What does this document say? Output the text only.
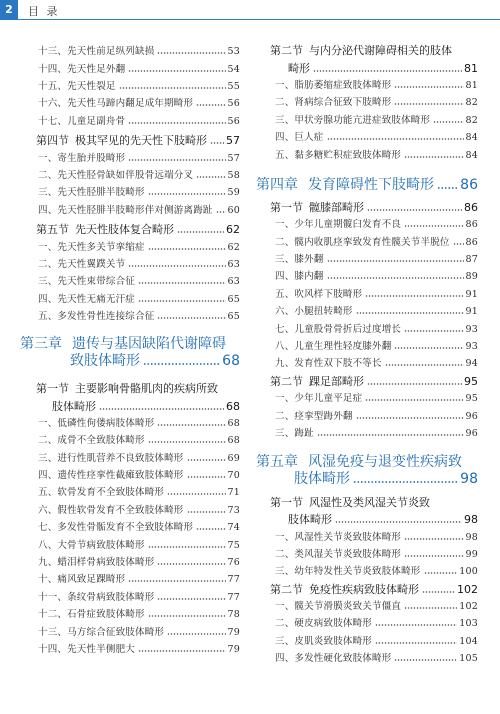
2	目 录
十三、先天性前足纵列缺损	53
十四、先天性足外翻	54
十五、先天性裂足	55
十六、先天性马蹄内翻足成年期畸形	56
十七、儿童足副舟骨	56
第四节 极其罕见的先天性下肢畸形 57
一、寄生胎并股畸形	57
二、先天性胫骨缺如伴股骨远端分叉	58
三、先天性胫腓半肢畸形	59
四、先天性胫腓半肢畸形伴对侧游离踇趾 60
第五节 先天性肢体复合畸形	62
一、先天性多关节挛缩症	62
二、先天性翼蹼关节	63
三、先天性束带综合征	63
四、先天性无痛无汗症	65
五、多发性骨性连接综合征	65
第三章 遗传与基因缺陷代谢障碍
致肢体畸形	68
第一节 主要影响骨骼肌肉的疾病所致
肢体畸形	68
一、低磷性佝偻病肢体畸形	68
二、成骨不全致肢体畸形	68
三、进行性肌营养不良致肢体畸形	69
四、遗传性痉挛性截瘫致肢体畸形	70
五、软骨发育不全致肢体畸形	71
六、假性软骨发育不全致肢体畸形	73
七、多发性骨骺发育不全致肢体畸形	74
八、大骨节病致肢体畸形	75
九、蜡泪样骨病致肢体畸形	76
十、痛风致足踝畸形	77
十一、条纹骨病致肢体畸形	77
十二、石骨症致肢体畸形	78
十三、马方综合征致肢体畸形	79
十四、先天性半侧肥大	79
第二节 与内分泌代谢障碍相关的肢体
畸形	81
一、脂肪萎缩症致肢体畸形	81
二、肾病综合征致下肢畸形	82
三、甲状旁腺功能亢进症致肢体畸形	82
四、巨人症	84
五、黏多糖贮积症致肢体畸形	84
第四章 发育障碍性下肢畸形 86
第一节 髋膝部畸形	86
一、少年儿童期髋臼发育不良	86
二、髋内收肌痉挛致发育性髋关节半脱位 86
三、膝外翻	87
四、膝内翻	89
五、吹风样下肢畸形	91
六、小腿扭转畸形	91
七、儿童股骨骨折后过度增长	93
八、儿童生理性轻度膝外翻	93
九、发育性双下肢不等长	94
第二节 踝足部畸形	95
一、少年儿童平足症	95
二、痉挛型踇外翻	96
三、踇趾	96
第五章 风湿免疫与退变性疾病致
肢体畸形	98
第一节 风湿性及类风湿关节炎致
肢体畸形	98
一、风湿性关节炎致肢体畸形	98
二、类风湿关节炎致肢体畸形	99
三、幼年特发性关节炎致肢体畸形	100
第二节 免疫性疾病致肢体畸形	102
一、髋关节滑膜炎致关节僵直	102
二、硬皮病致肢体畸形	103
三、皮肌炎致肢体畸形	104
四、多发性硬化致肢体畸形	105
